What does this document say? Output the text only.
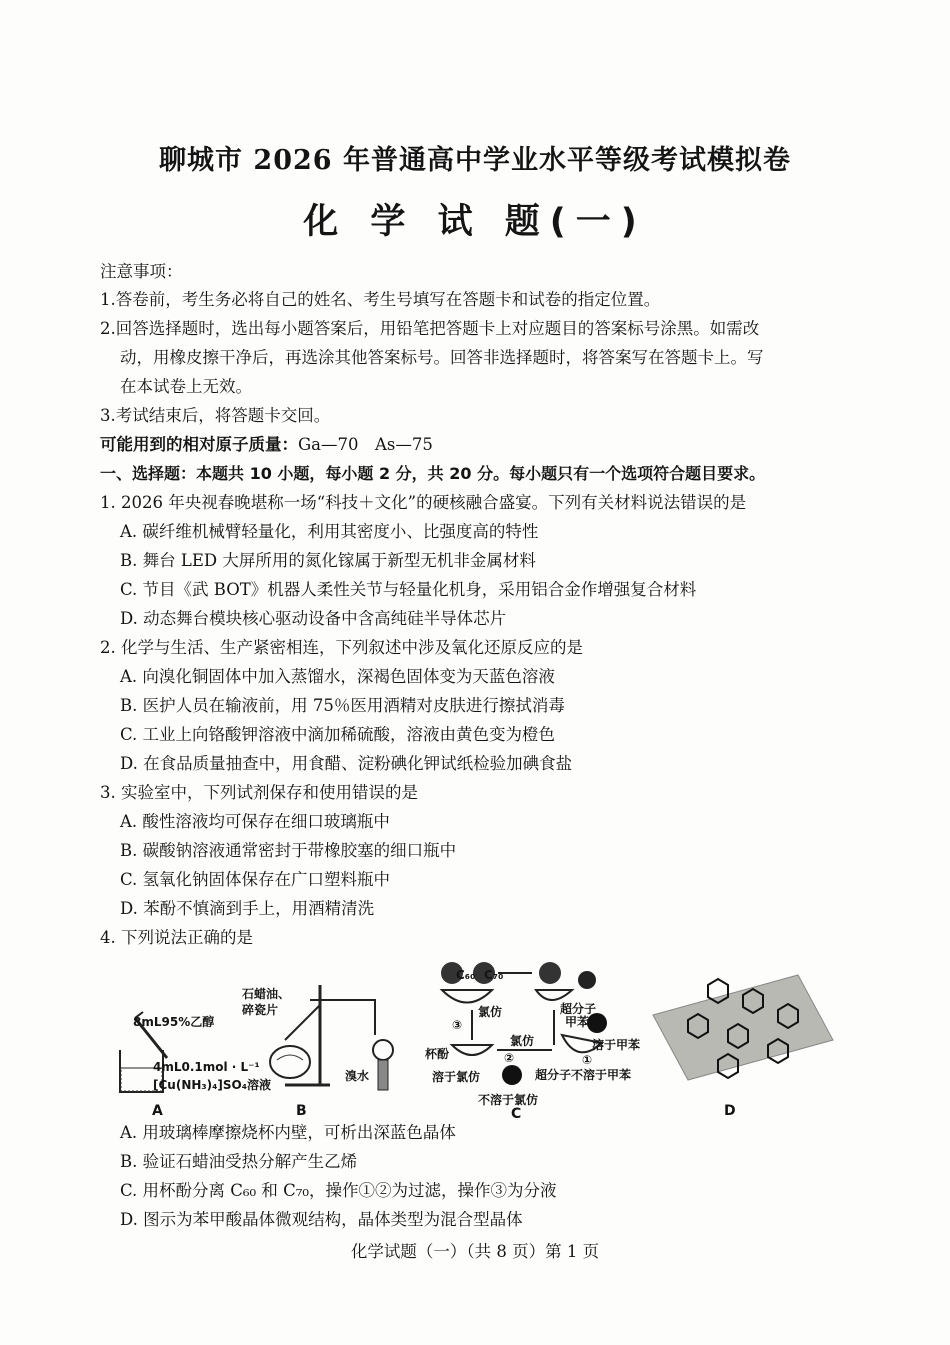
聊城市 2026 年普通高中学业水平等级考试模拟卷
化 学 试 题(一)
注意事项：
1.答卷前，考生务必将自己的姓名、考生号填写在答题卡和试卷的指定位置。
2.回答选择题时，选出每小题答案后，用铅笔把答题卡上对应题目的答案标号涂黑。如需改
动，用橡皮擦干净后，再选涂其他答案标号。回答非选择题时，将答案写在答题卡上。写
在本试卷上无效。
3.考试结束后，将答题卡交回。
可能用到的相对原子质量：Ga—70　As—75
一、选择题：本题共 10 小题，每小题 2 分，共 20 分。每小题只有一个选项符合题目要求。
1. 2026 年央视春晚堪称一场“科技＋文化”的硬核融合盛宴。下列有关材料说法错误的是
A. 碳纤维机械臂轻量化，利用其密度小、比强度高的特性
B. 舞台 LED 大屏所用的氮化镓属于新型无机非金属材料
C. 节目《武 BOT》机器人柔性关节与轻量化机身，采用铝合金作增强复合材料
D. 动态舞台模块核心驱动设备中含高纯硅半导体芯片
2. 化学与生活、生产紧密相连，下列叙述中涉及氧化还原反应的是
A. 向溴化铜固体中加入蒸馏水，深褐色固体变为天蓝色溶液
B. 医护人员在输液前，用 75％医用酒精对皮肤进行擦拭消毒
C. 工业上向铬酸钾溶液中滴加稀硫酸，溶液由黄色变为橙色
D. 在食品质量抽查中，用食醋、淀粉碘化钾试纸检验加碘食盐
3. 实验室中，下列试剂保存和使用错误的是
A. 酸性溶液均可保存在细口玻璃瓶中
B. 碳酸钠溶液通常密封于带橡胶塞的细口瓶中
C. 氢氧化钠固体保存在广口塑料瓶中
D. 苯酚不慎滴到手上，用酒精清洗
4. 下列说法正确的是
8mL95%乙醇
4mL0.1mol · L⁻¹
[Cu(NH₃)₄]SO₄溶液
A
石蜡油、
碎瓷片
溴水
B
C₆₀ C₇₀
氯仿	超分子
甲苯
③
氯仿	溶于甲苯
杯酚	②	①
溶于氯仿	超分子不溶于甲苯
不溶于氯仿
C	D
A. 用玻璃棒摩擦烧杯内壁，可析出深蓝色晶体
B. 验证石蜡油受热分解产生乙烯
C. 用杯酚分离 C₆₀ 和 C₇₀，操作①②为过滤，操作③为分液
D. 图示为苯甲酸晶体微观结构，晶体类型为混合型晶体
化学试题（一）（共 8 页）第 1 页
